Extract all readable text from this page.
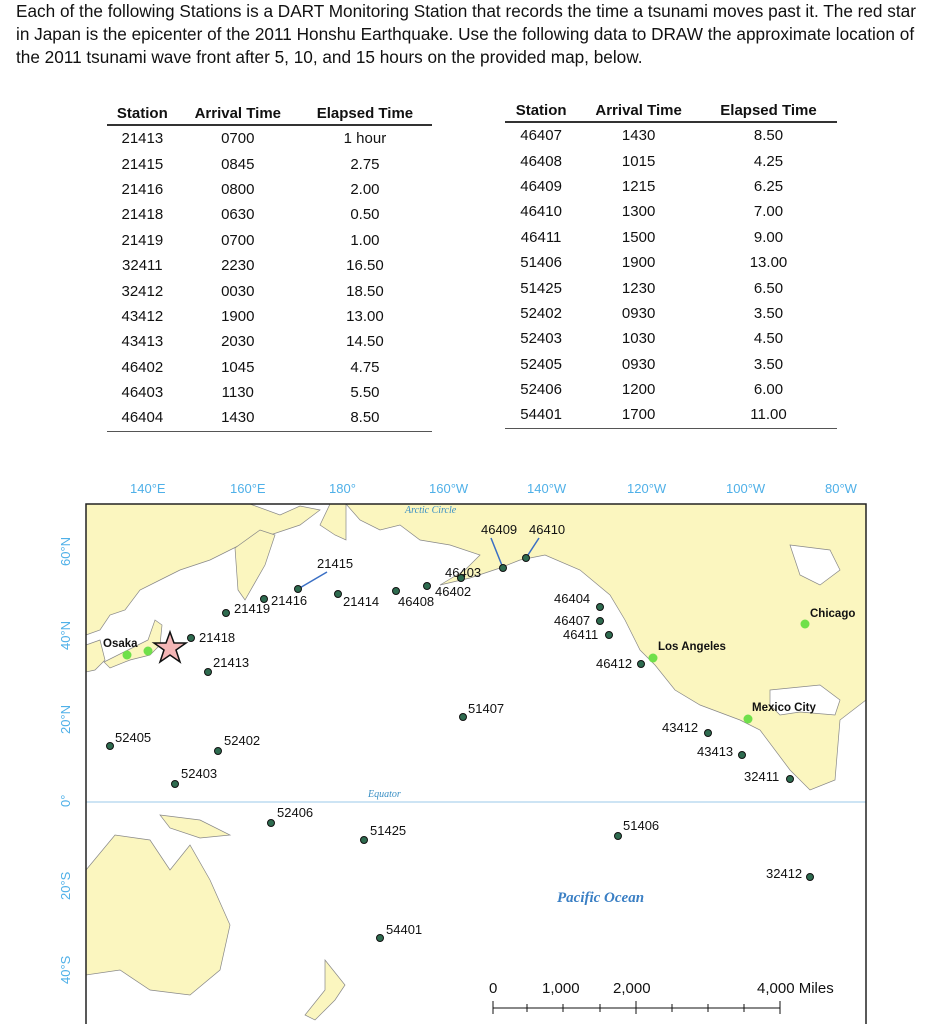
Each of the following Stations is a DART Monitoring Station that records the time a tsunami moves past it. The red star in Japan is the epicenter of the 2011 Honshu Earthquake. Use the following data to DRAW the approximate location of the 2011 tsunami wave front after 5, 10, and 15 hours on the provided map, below.
Station	Arrival Time	Elapsed Time
21413	0700	1 hour
21415	0845	2.75
21416	0800	2.00
21418	0630	0.50
21419	0700	1.00
32411	2230	16.50
32412	0030	18.50
43412	1900	13.00
43413	2030	14.50
46402	1045	4.75
46403	1130	5.50
46404	1430	8.50
Station	Arrival Time	Elapsed Time
46407	1430	8.50
46408	1015	4.25
46409	1215	6.25
46410	1300	7.00
46411	1500	9.00
51406	1900	13.00
51425	1230	6.50
52402	0930	3.50
52403	1030	4.50
52405	0930	3.50
52406	1200	6.00
54401	1700	11.00
Arctic Circle
Equator
Pacific Ocean
0	1,000 2,000	4,000 Miles
140°E	160°E	180°	160°W	140°W	120°W	100°W	80°W
60°N
40°N
20°N
0°
20°S
40°S
21415
21416	21414 46408
46402
46403
46409 46410
21419
21418
21413
51407
52405	52402
52403
52406
51425
54401
51406
46404
46407
46411
46412
43412
43413
32411
32412
Osaka	Los Angeles
Chicago
Mexico City
